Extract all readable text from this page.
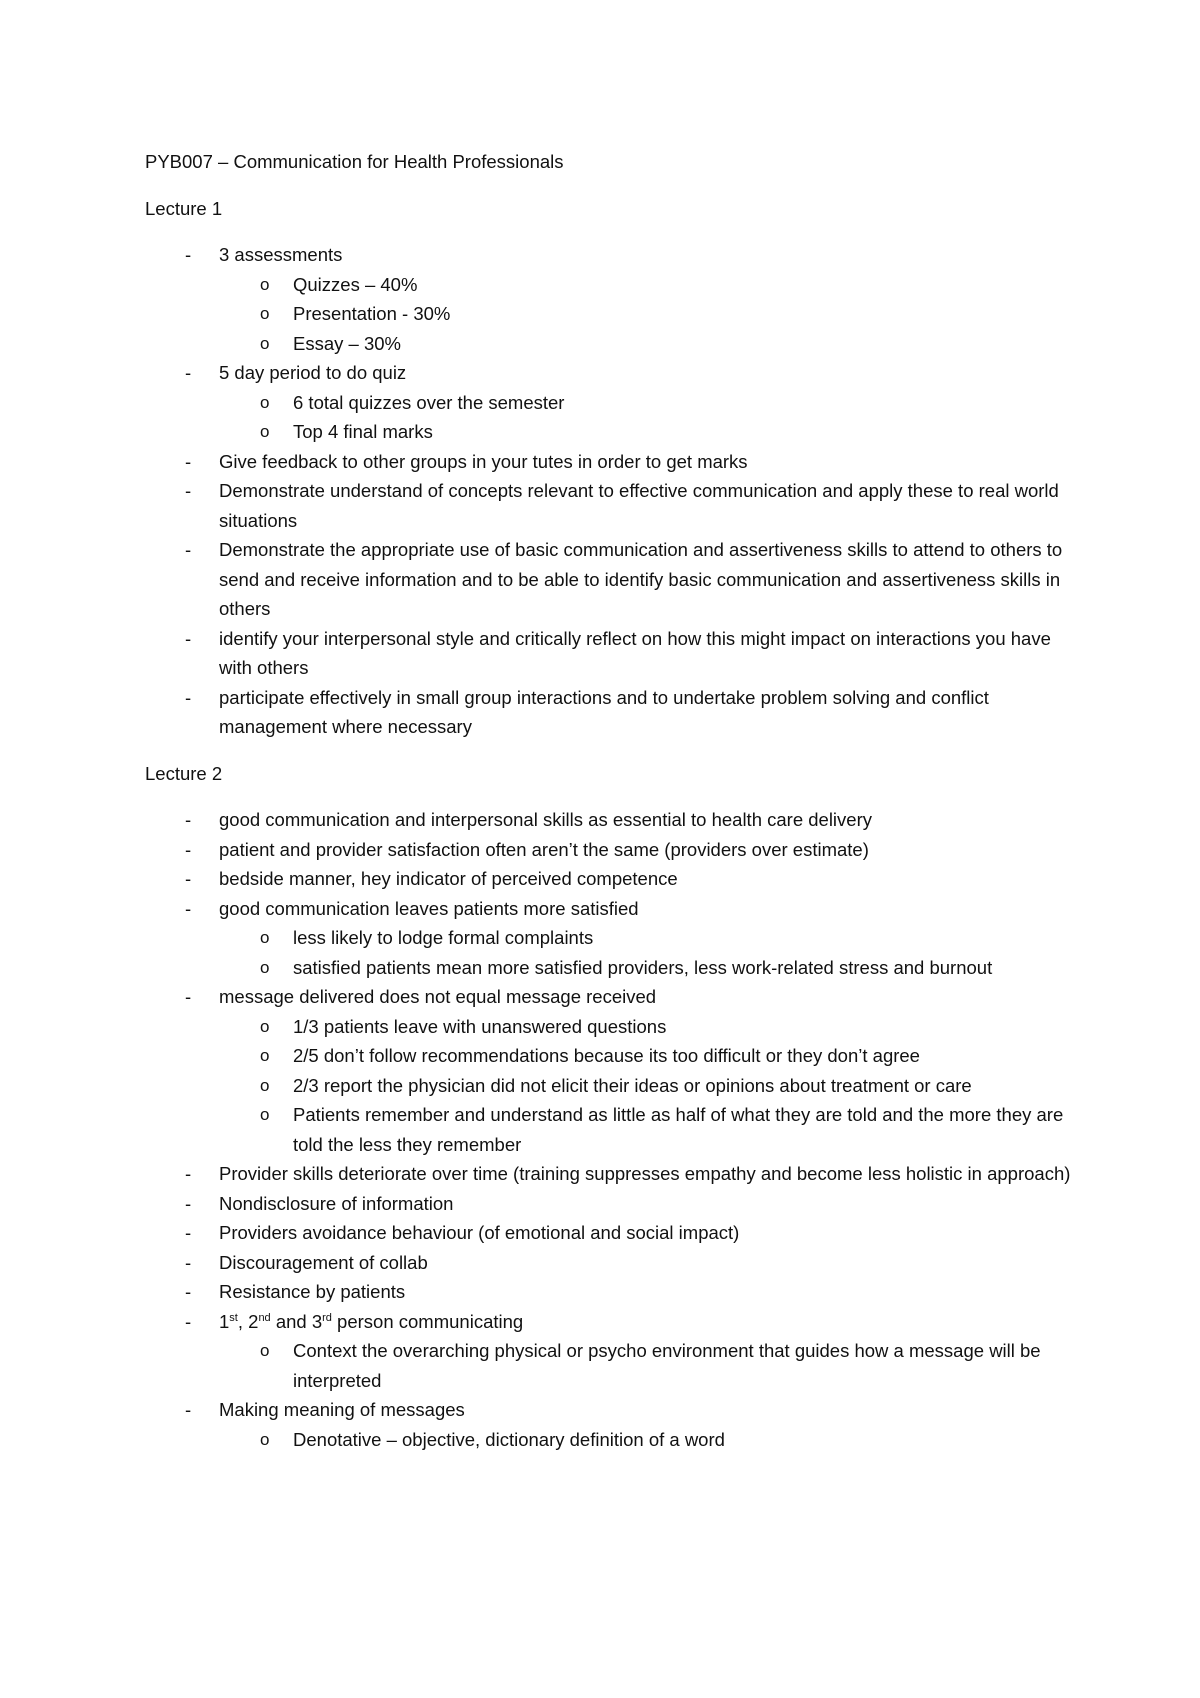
PYB007 – Communication for Health Professionals
Lecture 1
- 3 assessments
o Quizzes – 40%
o Presentation - 30%
o Essay – 30%
- 5 day period to do quiz
o 6 total quizzes over the semester
o Top 4 final marks
- Give feedback to other groups in your tutes in order to get marks
- Demonstrate understand of concepts relevant to effective communication and apply these to real world situations
- Demonstrate the appropriate use of basic communication and assertiveness skills to attend to others to send and receive information and to be able to identify basic communication and assertiveness skills in others
- identify your interpersonal style and critically reflect on how this might impact on interactions you have with others
- participate effectively in small group interactions and to undertake problem solving and conflict management where necessary
Lecture 2
- good communication and interpersonal skills as essential to health care delivery
- patient and provider satisfaction often aren’t the same (providers over estimate)
- bedside manner, hey indicator of perceived competence
- good communication leaves patients more satisfied
o less likely to lodge formal complaints
o satisfied patients mean more satisfied providers, less work-related stress and burnout
- message delivered does not equal message received
o 1/3 patients leave with unanswered questions
o 2/5 don’t follow recommendations because its too difficult or they don’t agree
o 2/3 report the physician did not elicit their ideas or opinions about treatment or care
o Patients remember and understand as little as half of what they are told and the more they are told the less they remember
- Provider skills deteriorate over time (training suppresses empathy and become less holistic in approach)
- Nondisclosure of information
- Providers avoidance behaviour (of emotional and social impact)
- Discouragement of collab
- Resistance by patients
- 1st, 2nd and 3rd person communicating
o Context the overarching physical or psycho environment that guides how a message will be interpreted
- Making meaning of messages
o Denotative – objective, dictionary definition of a word
